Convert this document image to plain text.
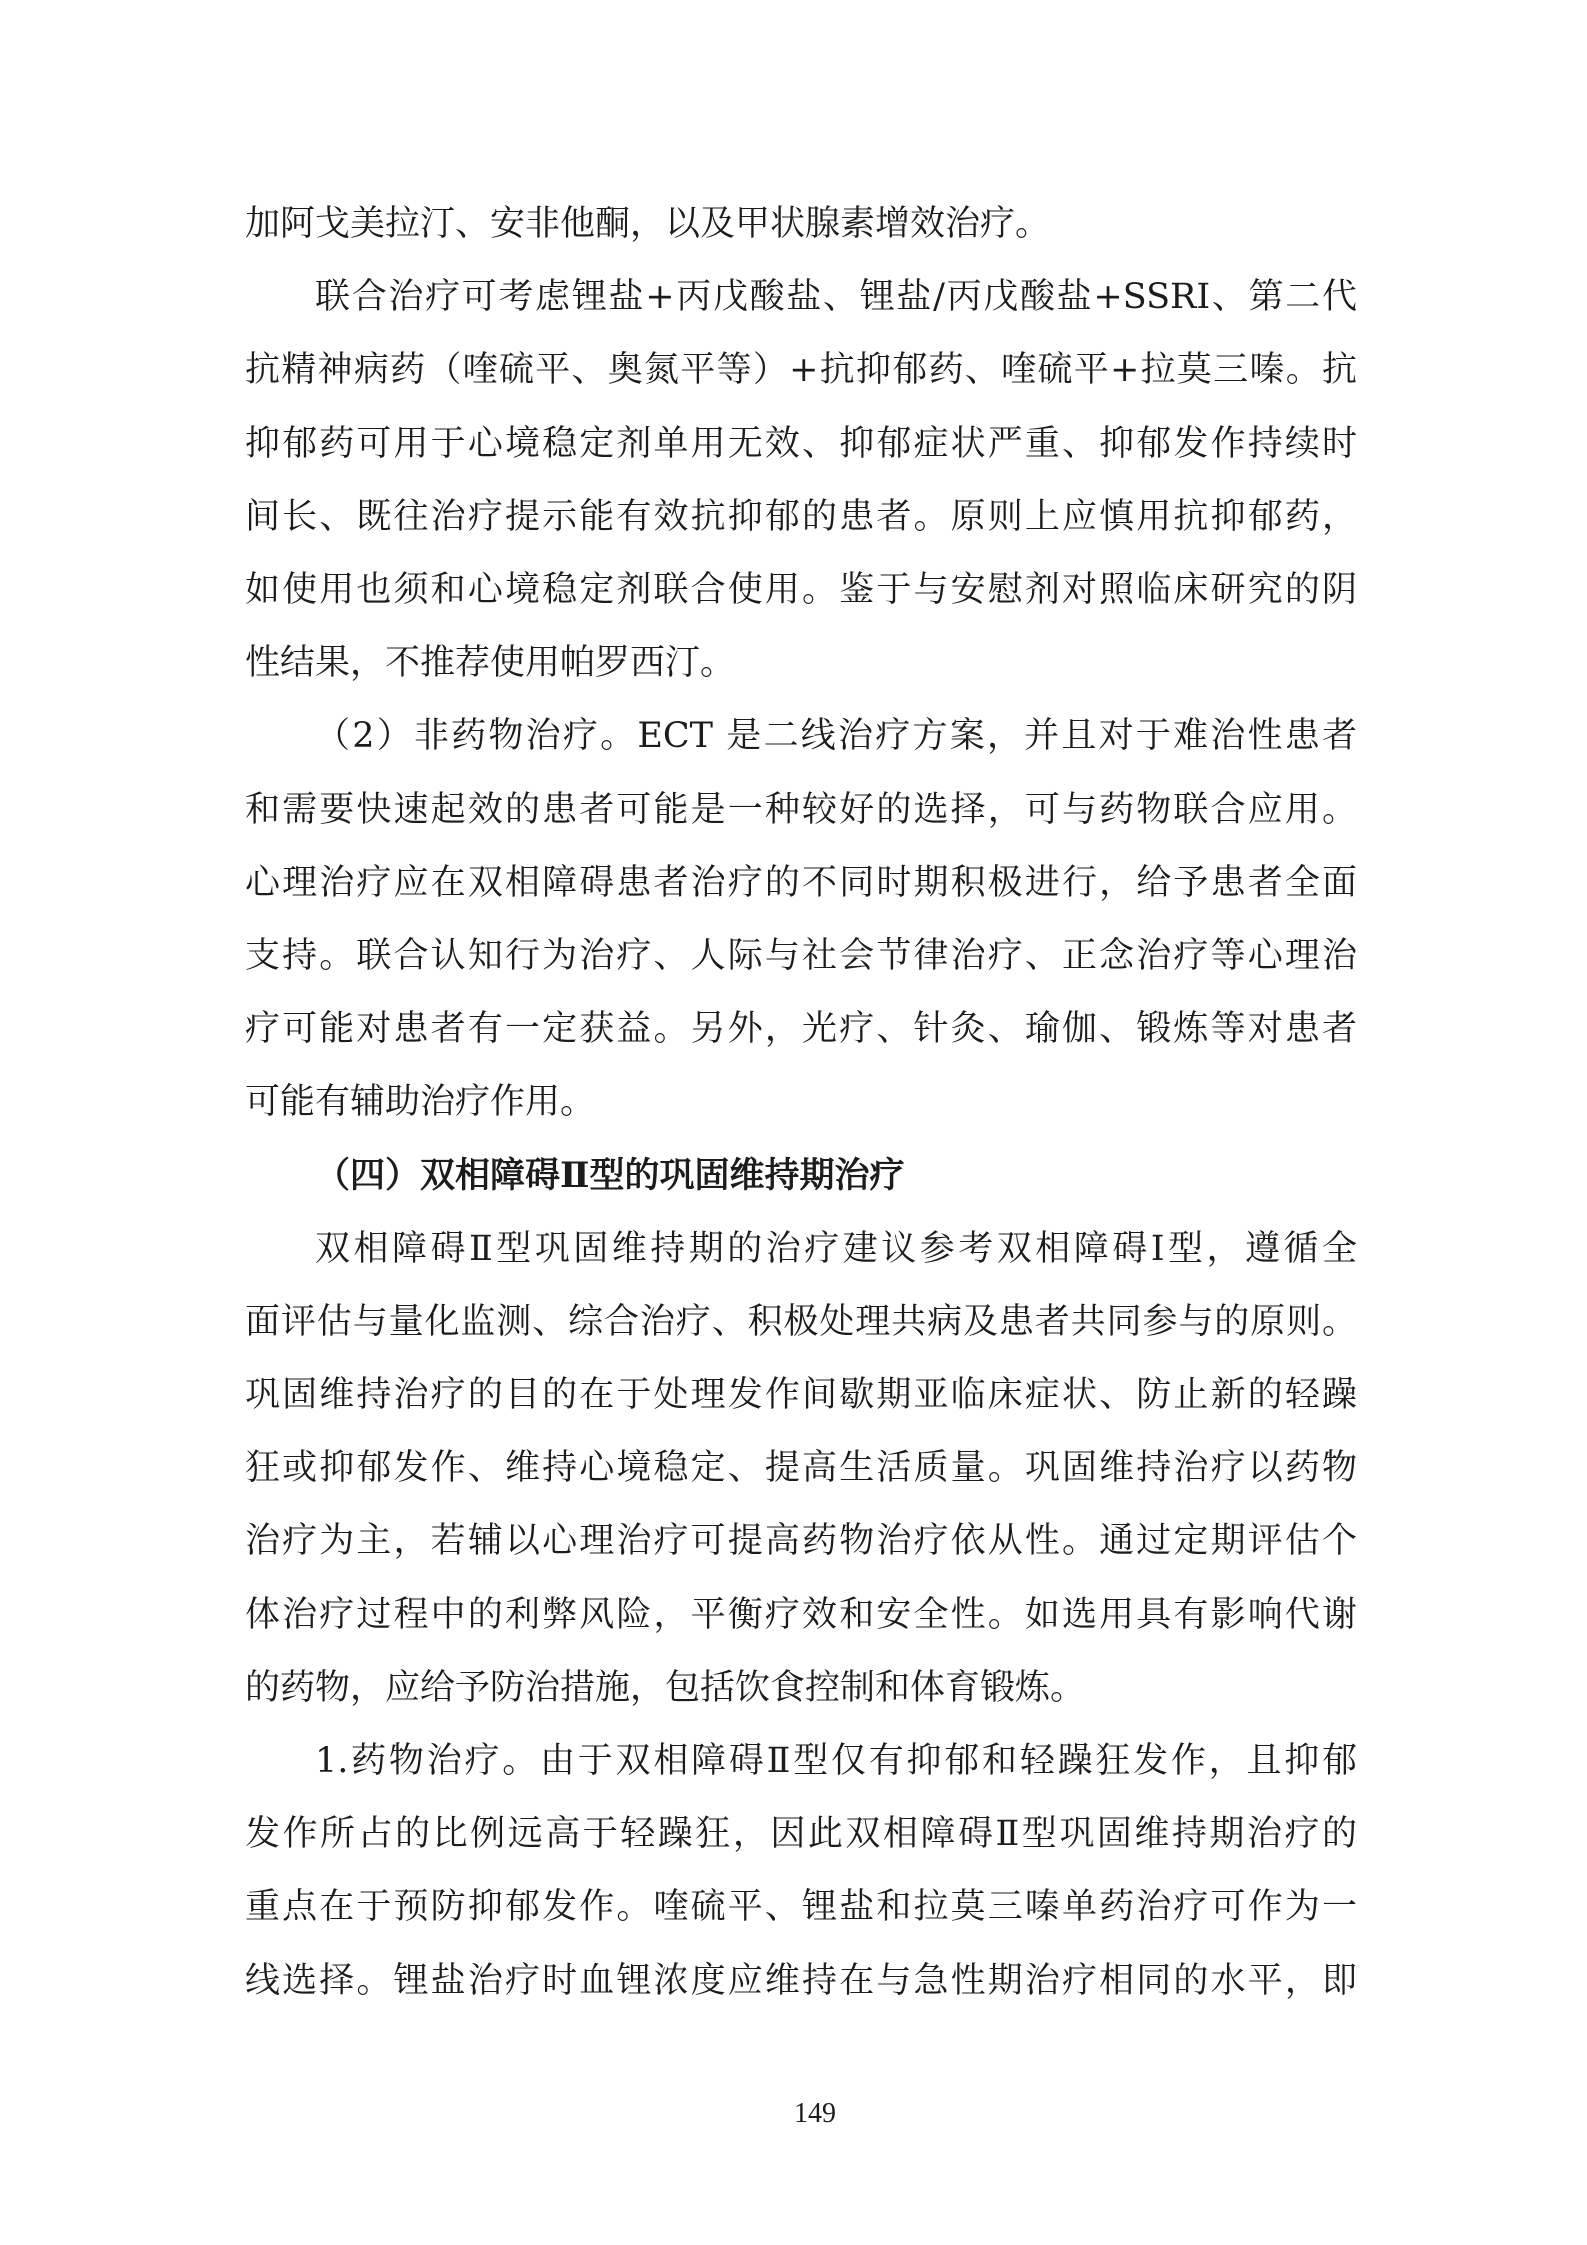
加阿戈美拉汀、安非他酮，以及甲状腺素增效治疗。
联合治疗可考虑锂盐+丙戊酸盐、锂盐/丙戊酸盐+SSRI、第二代
抗精神病药（喹硫平、奥氮平等）+抗抑郁药、喹硫平+拉莫三嗪。抗
抑郁药可用于心境稳定剂单用无效、抑郁症状严重、抑郁发作持续时
间长、既往治疗提示能有效抗抑郁的患者。原则上应慎用抗抑郁药，
如使用也须和心境稳定剂联合使用。鉴于与安慰剂对照临床研究的阴
性结果，不推荐使用帕罗西汀。
（2）非药物治疗。ECT 是二线治疗方案，并且对于难治性患者
和需要快速起效的患者可能是一种较好的选择，可与药物联合应用。
心理治疗应在双相障碍患者治疗的不同时期积极进行，给予患者全面
支持。联合认知行为治疗、人际与社会节律治疗、正念治疗等心理治
疗可能对患者有一定获益。另外，光疗、针灸、瑜伽、锻炼等对患者
可能有辅助治疗作用。
（四）双相障碍Ⅱ型的巩固维持期治疗
双相障碍Ⅱ型巩固维持期的治疗建议参考双相障碍Ⅰ型，遵循全
面评估与量化监测、综合治疗、积极处理共病及患者共同参与的原则。
巩固维持治疗的目的在于处理发作间歇期亚临床症状、防止新的轻躁
狂或抑郁发作、维持心境稳定、提高生活质量。巩固维持治疗以药物
治疗为主，若辅以心理治疗可提高药物治疗依从性。通过定期评估个
体治疗过程中的利弊风险，平衡疗效和安全性。如选用具有影响代谢
的药物，应给予防治措施，包括饮食控制和体育锻炼。
1.药物治疗。由于双相障碍Ⅱ型仅有抑郁和轻躁狂发作，且抑郁
发作所占的比例远高于轻躁狂，因此双相障碍Ⅱ型巩固维持期治疗的
重点在于预防抑郁发作。喹硫平、锂盐和拉莫三嗪单药治疗可作为一
线选择。锂盐治疗时血锂浓度应维持在与急性期治疗相同的水平，即
149
